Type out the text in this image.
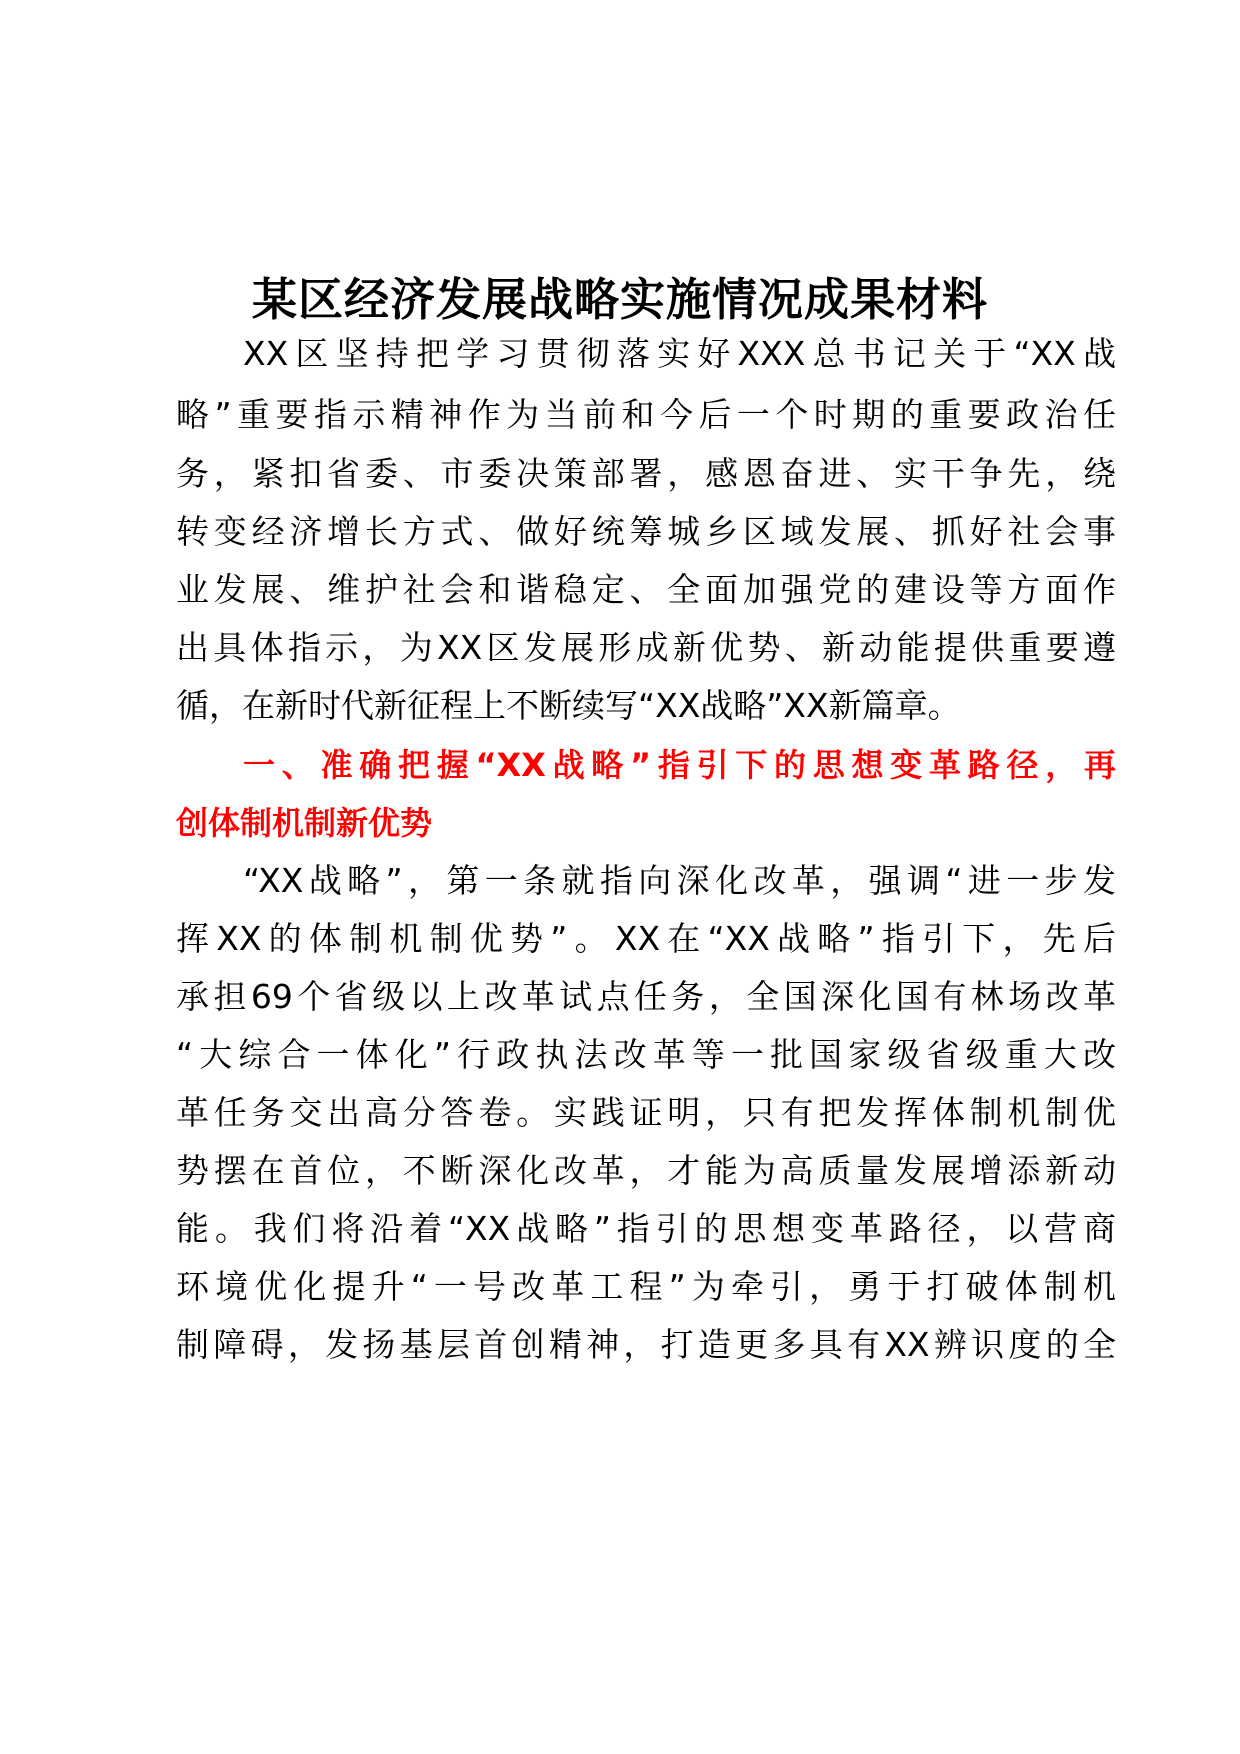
某区经济发展战略实施情况成果材料

XX区坚持把学习贯彻落实好XXX总书记关于“XX战

略”重要指示精神作为当前和今后一个时期的重要政治任

务，紧扣省委、市委决策部署，感恩奋进、实干争先，绕

转变经济增长方式、做好统筹城乡区域发展、抓好社会事

业发展、维护社会和谐稳定、全面加强党的建设等方面作

出具体指示，为XX区发展形成新优势、新动能提供重要遵

循，在新时代新征程上不断续写“XX战略”XX新篇章。

一、准确把握“XX战略”指引下的思想变革路径，再

创体制机制新优势

“XX战略”，第一条就指向深化改革，强调“进一步发

挥XX的体制机制优势”。XX在“XX战略”指引下，先后

承担69个省级以上改革试点任务，全国深化国有林场改革

“大综合一体化”行政执法改革等一批国家级省级重大改

革任务交出高分答卷。实践证明，只有把发挥体制机制优

势摆在首位，不断深化改革，才能为高质量发展增添新动

能。我们将沿着“XX战略”指引的思想变革路径，以营商

环境优化提升“一号改革工程”为牵引，勇于打破体制机

制障碍，发扬基层首创精神，打造更多具有XX辨识度的全
